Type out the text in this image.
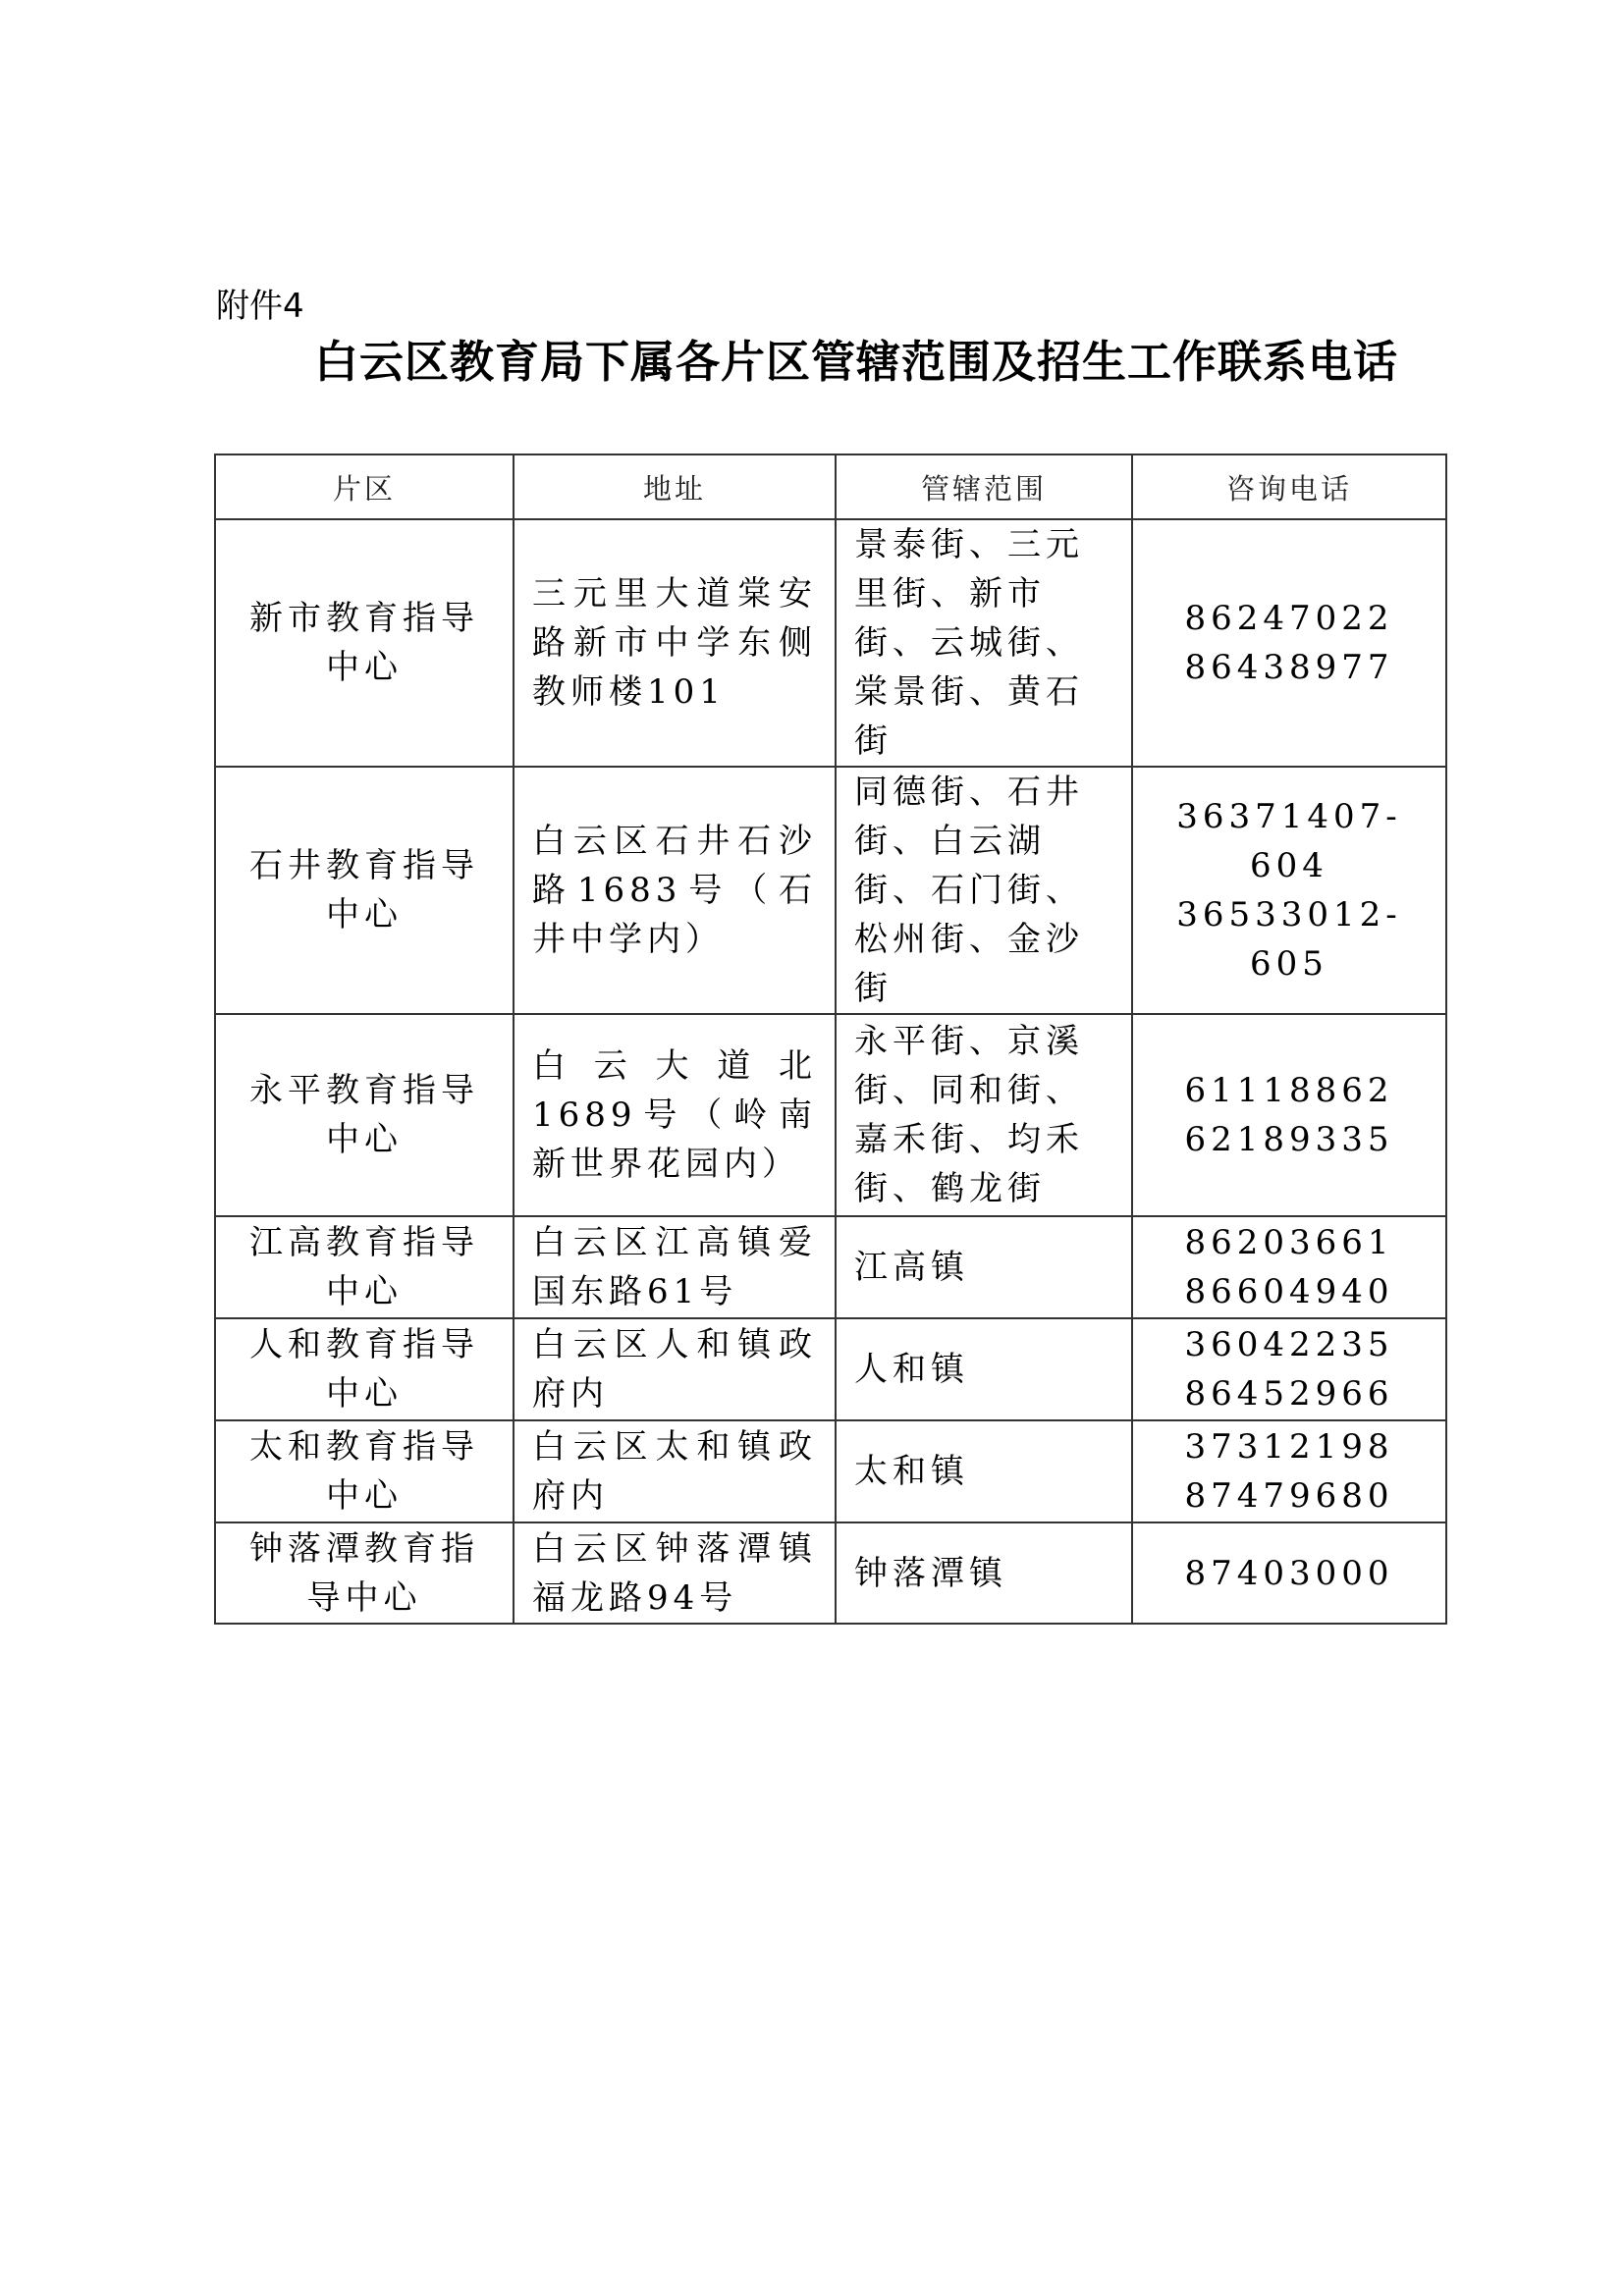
附件4
白云区教育局下属各片区管辖范围及招生工作联系电话
片区	地址	管辖范围	咨询电话
新市教育指导中心	三元里大道棠安路新市中学东侧教师楼101	景泰街、三元里街、新市街、云城街、棠景街、黄石街	86247022
86438977

石井教育指导中心	白云区石井石沙路1683号（石井中学内）	同德街、石井街、白云湖街、石门街、松州街、金沙街	36371407-604
36533012-605

永平教育指导中心	白云大道北1689号（岭南新世界花园内）	永平街、京溪街、同和街、嘉禾街、均禾街、鹤龙街	61118862
62189335

江高教育指导中心	白云区江高镇爱国东路61号	江高镇	86203661
86604940

人和教育指导中心	白云区人和镇政府内	人和镇	36042235
86452966

太和教育指导中心	白云区太和镇政府内	太和镇	37312198
87479680

钟落潭教育指导中心	白云区钟落潭镇福龙路94号	钟落潭镇	87403000
